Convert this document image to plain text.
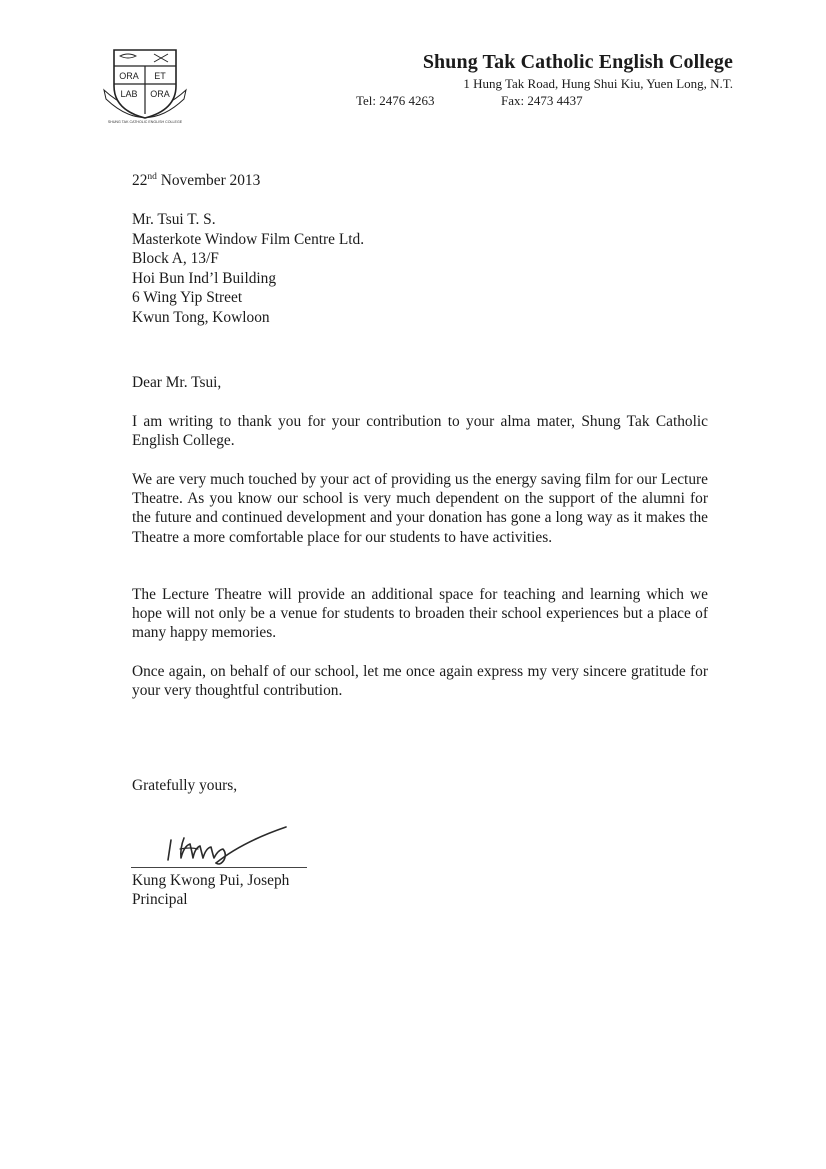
ORA ET
LAB ORA
SHUNG TAK CATHOLIC ENGLISH COLLEGE
Shung Tak Catholic English College
1 Hung Tak Road, Hung Shui Kiu, Yuen Long, N.T.
Tel: 2476 4263	Fax: 2473 4437
22nd November 2013
Mr. Tsui T. S.
Masterkote Window Film Centre Ltd.
Block A, 13/F
Hoi Bun Ind’l Building
6 Wing Yip Street
Kwun Tong, Kowloon
Dear Mr. Tsui,
I am writing to thank you for your contribution to your alma mater, Shung Tak Catholic English College.
We are very much touched by your act of providing us the energy saving film for our Lecture Theatre. As you know our school is very much dependent on the support of the alumni for the future and continued development and your donation has gone a long way as it makes the Theatre a more comfortable place for our students to have activities.
The Lecture Theatre will provide an additional space for teaching and learning which we hope will not only be a venue for students to broaden their school experiences but a place of many happy memories.
Once again, on behalf of our school, let me once again express my very sincere gratitude for your very thoughtful contribution.
Gratefully yours,
Kung Kwong Pui, Joseph
Principal
